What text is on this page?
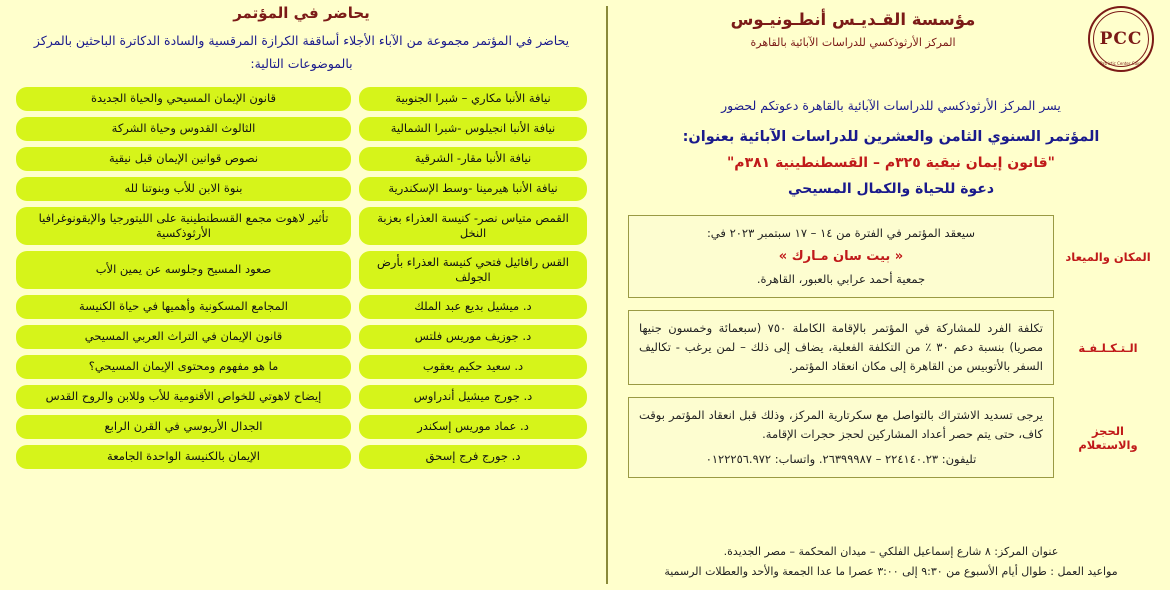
PCC
Patristic Center Cairo
مؤسسة القـديـس أنطـونيـوس
المركز الأرثوذكسي للدراسات الآبائية بالقاهرة
يسر المركز الأرثوذكسي للدراسات الآبائية بالقاهرة دعوتكم لحضور
المؤتمر السنوي الثامن والعشرين للدراسات الآبائية بعنوان:
"قانون إيمان نيقية ٣٢٥م – القسطنطينية ٣٨١م"
دعوة للحياة والكمال المسيحي
المكان والميعاد
سيعقد المؤتمر في الفترة من ١٤ – ١٧ سبتمبر ٢٠٢٣ في:
« بيت سان مـارك »
جمعية أحمد عرابي بالعبور، القاهرة.
الـتـكـلـفـة
تكلفة الفرد للمشاركة في المؤتمر بالإقامة الكاملة ٧٥٠ (سبعمائة وخمسون جنيها مصريا) بنسبة دعم ٣٠ ٪ من التكلفة الفعلية، يضاف إلى ذلك – لمن يرغب - تكاليف السفر بالأتوبيس من القاهرة إلى مكان انعقاد المؤتمر.
الحجز والاستعلام
يرجى تسديد الاشتراك بالتواصل مع سكرتارية المركز، وذلك قبل انعقاد المؤتمر بوقت كاف، حتى يتم حصر أعداد المشاركين لحجز حجرات الإقامة.
تليفون: ٢٢٤١٤٠.٢٣ – ٢٦٣٩٩٩٨٧. واتساب: ٠١٢٢٢٥٦.٩٧٢
عنوان المركز: ٨ شارع إسماعيل الفلكي – ميدان المحكمة – مصر الجديدة.
مواعيد العمل : طوال أيام الأسبوع من ٩:٣٠ إلى ٣:٠٠ عصرا ما عدا الجمعة والأحد والعطلات الرسمية
يحاضر في المؤتمر
يحاضر في المؤتمر مجموعة من الآباء الأجلاء أساقفة الكرازة المرقسية والسادة الدكاترة الباحثين بالمركز بالموضوعات التالية:
نيافة الأنبا مكاري – شبرا الجنوبية
قانون الإيمان المسيحي والحياة الجديدة
نيافة الأنبا انجيلوس -شبرا الشمالية
الثالوث القدوس وحياة الشركة
نيافة الأنبا مقار- الشرقية
نصوص قوانين الإيمان قبل نيقية
نيافة الأنبا هيرمينا -وسط الإسكندرية
بنوة الابن للأب وبنوتنا لله
القمص متياس نصر- كنيسة العذراء بعزبة النخل
تأثير لاهوت مجمع القسطنطينية على الليتورجيا والإيقونوغرافيا الأرثوذكسية
القس رافائيل فتحي كنيسة العذراء بأرض الجولف
صعود المسيح وجلوسه عن يمين الأب
د. ميشيل بديع عبد الملك
المجامع المسكونية وأهميها في حياة الكنيسة
د. جوزيف موريس فلتس
قانون الإيمان في التراث العربي المسيحي
د. سعيد حكيم يعقوب
ما هو مفهوم ومحتوى الإيمان المسيحي؟
د. جورج ميشيل أندراوس
إيضاح لاهوتي للخواص الأقنومية للأب وللابن والروح القدس
د. عماد موريس إسكندر
الجدال الأريوسي في القرن الرابع
د. جورج فرج إسحق
الإيمان بالكنيسة الواحدة الجامعة
